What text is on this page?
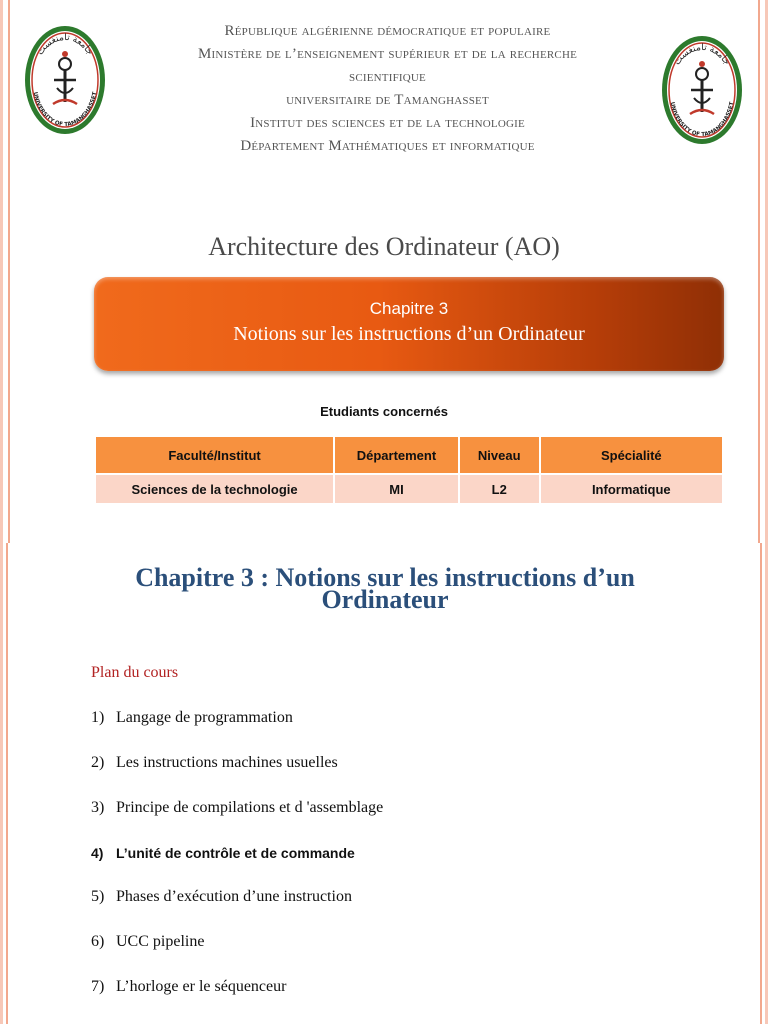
جامعة تامنغست
UNIVERSITY OF TAMANGHASSET
République algérienne démocratique et populaire
Ministère de l’enseignement supérieur et de la recherche
scientifique
universitaire de Tamanghasset
Institut des sciences et de la technologie
Département Mathématiques et informatique
جامعة تامنغست
UNIVERSITY OF TAMANGHASSET
Architecture des Ordinateur (AO)
Chapitre 3
Notions sur les instructions d’un Ordinateur
Etudiants concernés
Faculté/Institut	Département	Niveau	Spécialité
Sciences de la technologie	MI	L2	Informatique
Chapitre 3 : Notions sur les instructions d’un
Ordinateur
Plan du cours
1) Langage de programmation
2) Les instructions machines usuelles
3) Principe de compilations et d 'assemblage
4) L’unité de contrôle et de commande
5) Phases d’exécution d’une instruction
6) UCC pipeline
7) L’horloge er le séquenceur
